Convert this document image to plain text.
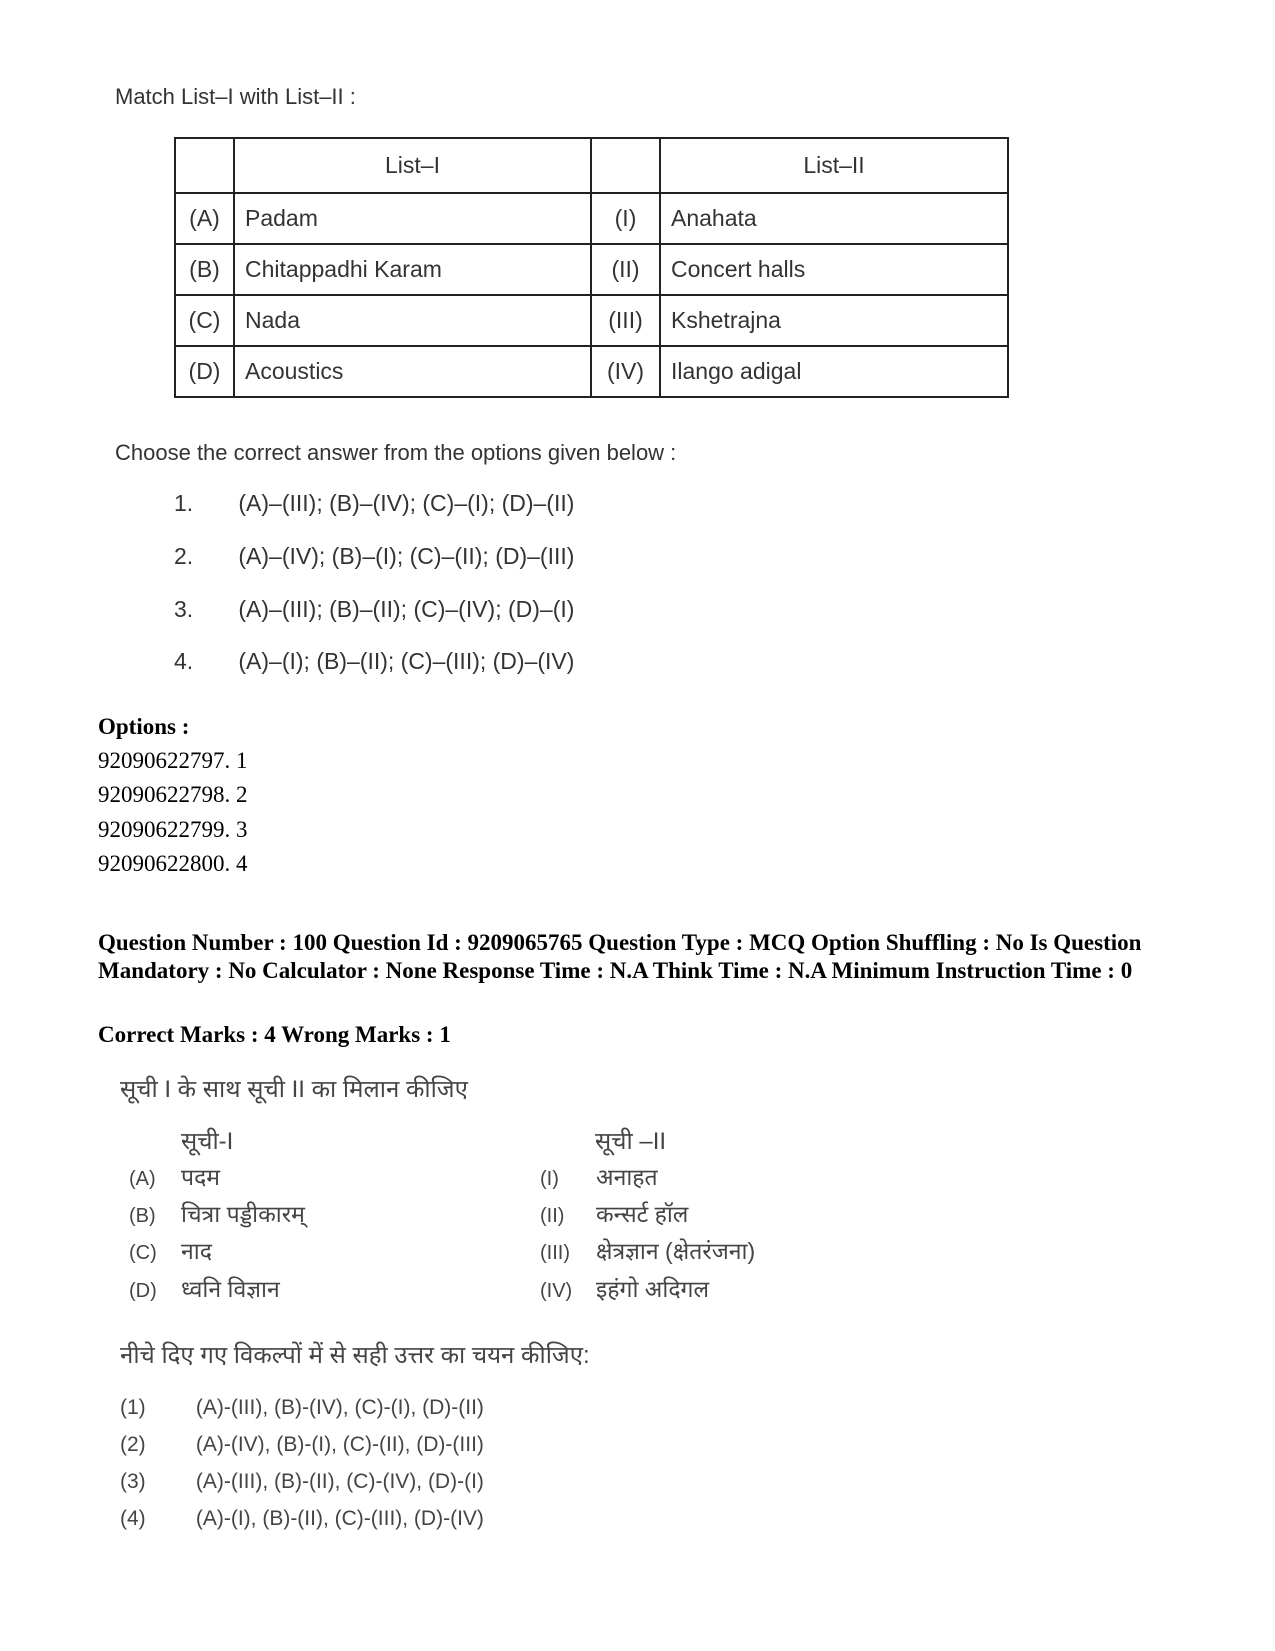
Match List–I with List–II :
	List–I		List–II
(A)	Padam	(I)	Anahata
(B)	Chitappadhi Karam	(II)	Concert halls
(C)	Nada	(III)	Kshetrajna
(D)	Acoustics	(IV)	Ilango adigal
Choose the correct answer from the options given below :
1. (A)–(III); (B)–(IV); (C)–(I); (D)–(II)
2. (A)–(IV); (B)–(I); (C)–(II); (D)–(III)
3. (A)–(III); (B)–(II); (C)–(IV); (D)–(I)
4. (A)–(I); (B)–(II); (C)–(III); (D)–(IV)
Options :
92090622797. 1
92090622798. 2
92090622799. 3
92090622800. 4
Question Number : 100 Question Id : 9209065765 Question Type : MCQ Option Shuffling : No Is Question Mandatory : No Calculator : None Response Time : N.A Think Time : N.A Minimum Instruction Time : 0
Correct Marks : 4 Wrong Marks : 1
सूची I के साथ सूची II का मिलान कीजिए
सूची-I	सूची –II
(A) पदम	(I) अनाहत
(B) चित्रा पड्डीकारम्	(II) कन्सर्ट हॉल
(C) नाद	(III) क्षेत्रज्ञान (क्षेतरंजना)
(D) ध्वनि विज्ञान	(IV) इहंगो अदिगल
नीचे दिए गए विकल्पों में से सही उत्तर का चयन कीजिए:
(1) (A)-(III), (B)-(IV), (C)-(I), (D)-(II)
(2) (A)-(IV), (B)-(I), (C)-(II), (D)-(III)
(3) (A)-(III), (B)-(II), (C)-(IV), (D)-(I)
(4) (A)-(I), (B)-(II), (C)-(III), (D)-(IV)
